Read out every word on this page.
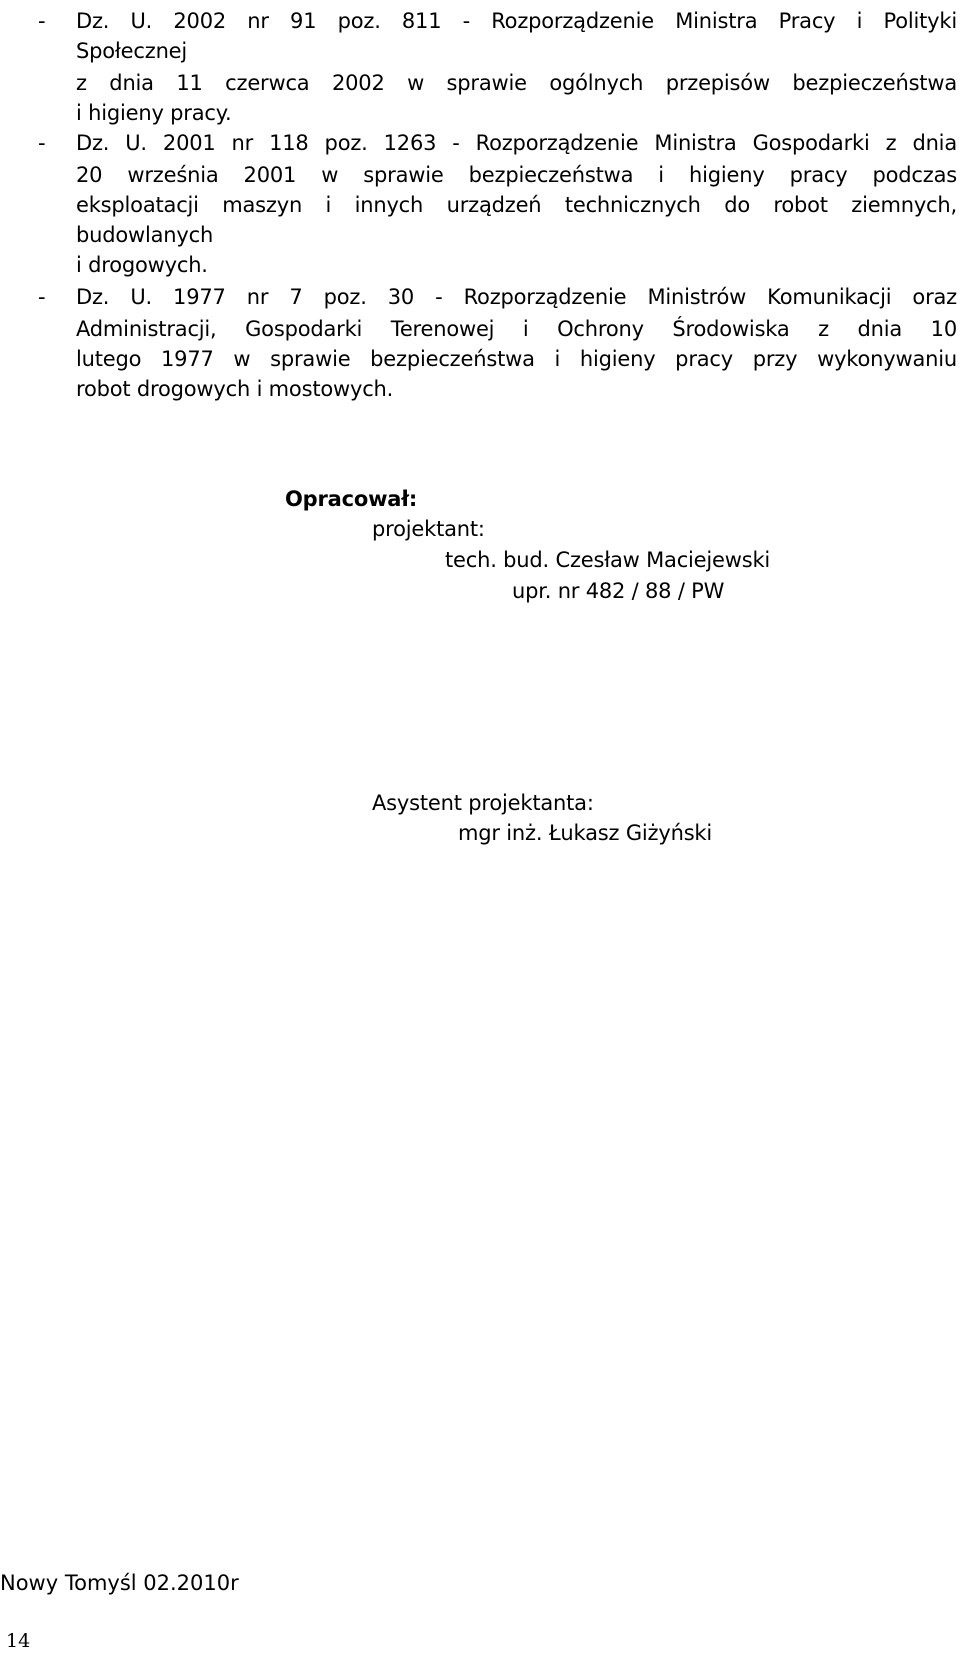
- Dz. U. 2002 nr 91 poz. 811 - Rozporządzenie Ministra Pracy i Polityki
Społecznej
z dnia 11 czerwca 2002 w sprawie ogólnych przepisów bezpieczeństwa
i higieny pracy.
- Dz. U. 2001 nr 118 poz. 1263 - Rozporządzenie Ministra Gospodarki z dnia
20 września 2001 w sprawie bezpieczeństwa i higieny pracy podczas
eksploatacji maszyn i innych urządzeń technicznych do robot ziemnych,
budowlanych
i drogowych.
- Dz. U. 1977 nr 7 poz. 30 - Rozporządzenie Ministrów Komunikacji oraz
Administracji, Gospodarki Terenowej i Ochrony Środowiska z dnia 10
lutego 1977 w sprawie bezpieczeństwa i higieny pracy przy wykonywaniu
robot drogowych i mostowych.
Opracował:
projektant:
tech. bud. Czesław Maciejewski
upr. nr 482 / 88 / PW
Asystent projektanta:
mgr inż. Łukasz Giżyński
Nowy Tomyśl 02.2010r
14
